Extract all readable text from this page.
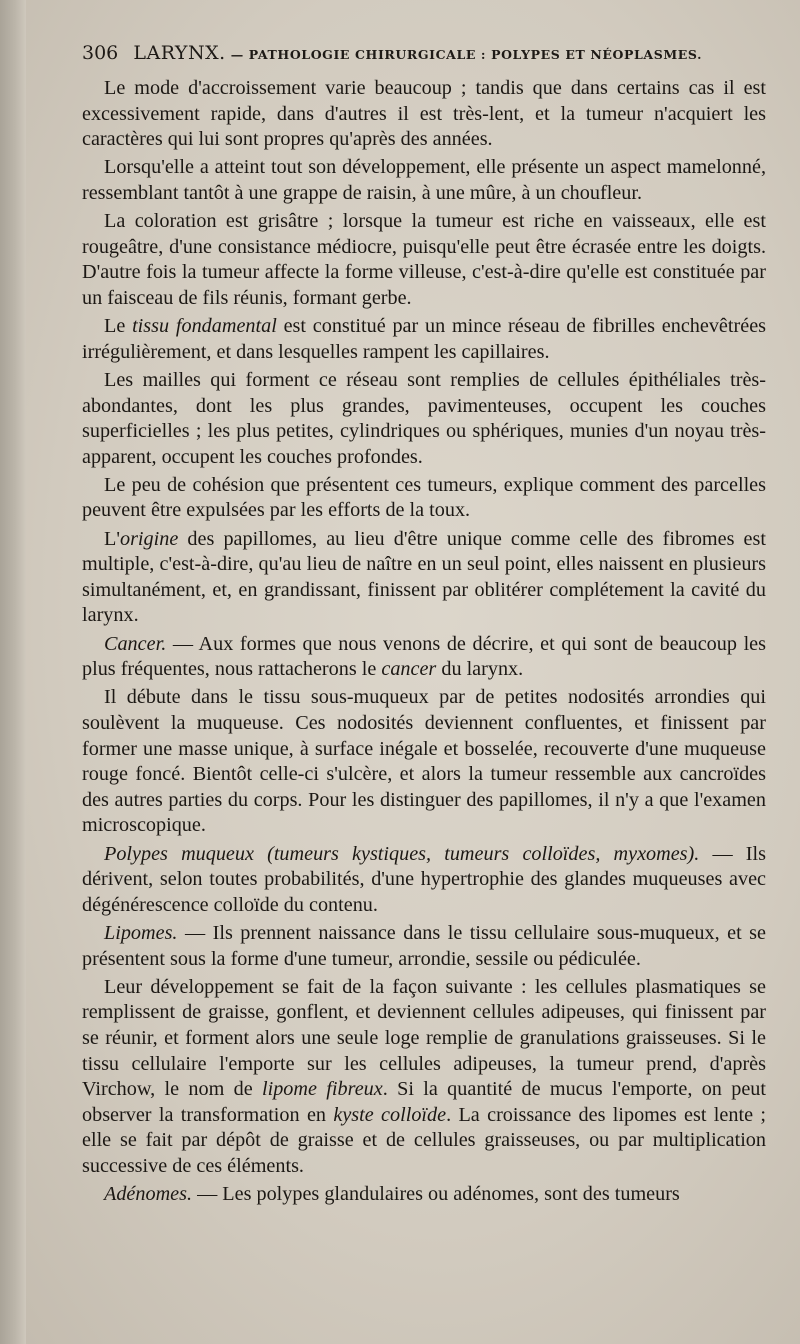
306 LARYNX. — PATHOLOGIE CHIRURGICALE : POLYPES ET NÉOPLASMES.

Le mode d'accroissement varie beaucoup ; tandis que dans certains cas il est excessivement rapide, dans d'autres il est très-lent, et la tumeur n'acquiert les caractères qui lui sont propres qu'après des années.

Lorsqu'elle a atteint tout son développement, elle présente un aspect mamelonné, ressemblant tantôt à une grappe de raisin, à une mûre, à un choufleur.

La coloration est grisâtre ; lorsque la tumeur est riche en vaisseaux, elle est rougeâtre, d'une consistance médiocre, puisqu'elle peut être écrasée entre les doigts. D'autre fois la tumeur affecte la forme villeuse, c'est-à-dire qu'elle est constituée par un faisceau de fils réunis, formant gerbe.

Le tissu fondamental est constitué par un mince réseau de fibrilles enchevêtrées irrégulièrement, et dans lesquelles rampent les capillaires.

Les mailles qui forment ce réseau sont remplies de cellules épithéliales très-abondantes, dont les plus grandes, pavimenteuses, occupent les couches superficielles ; les plus petites, cylindriques ou sphériques, munies d'un noyau très-apparent, occupent les couches profondes.

Le peu de cohésion que présentent ces tumeurs, explique comment des parcelles peuvent être expulsées par les efforts de la toux.

L'origine des papillomes, au lieu d'être unique comme celle des fibromes est multiple, c'est-à-dire, qu'au lieu de naître en un seul point, elles naissent en plusieurs simultanément, et, en grandissant, finissent par oblitérer complétement la cavité du larynx.

Cancer. — Aux formes que nous venons de décrire, et qui sont de beaucoup les plus fréquentes, nous rattacherons le cancer du larynx.

Il débute dans le tissu sous-muqueux par de petites nodosités arrondies qui soulèvent la muqueuse. Ces nodosités deviennent confluentes, et finissent par former une masse unique, à surface inégale et bosselée, recouverte d'une muqueuse rouge foncé. Bientôt celle-ci s'ulcère, et alors la tumeur ressemble aux cancroïdes des autres parties du corps. Pour les distinguer des papillomes, il n'y a que l'examen microscopique.

Polypes muqueux (tumeurs kystiques, tumeurs colloïdes, myxomes). — Ils dérivent, selon toutes probabilités, d'une hypertrophie des glandes muqueuses avec dégénérescence colloïde du contenu.

Lipomes. — Ils prennent naissance dans le tissu cellulaire sous-muqueux, et se présentent sous la forme d'une tumeur, arrondie, sessile ou pédiculée.

Leur développement se fait de la façon suivante : les cellules plasmatiques se remplissent de graisse, gonflent, et deviennent cellules adipeuses, qui finissent par se réunir, et forment alors une seule loge remplie de granulations graisseuses. Si le tissu cellulaire l'emporte sur les cellules adipeuses, la tumeur prend, d'après Virchow, le nom de lipome fibreux. Si la quantité de mucus l'emporte, on peut observer la transformation en kyste colloïde. La croissance des lipomes est lente ; elle se fait par dépôt de graisse et de cellules graisseuses, ou par multiplication successive de ces éléments.

Adénomes. — Les polypes glandulaires ou adénomes, sont des tumeurs
